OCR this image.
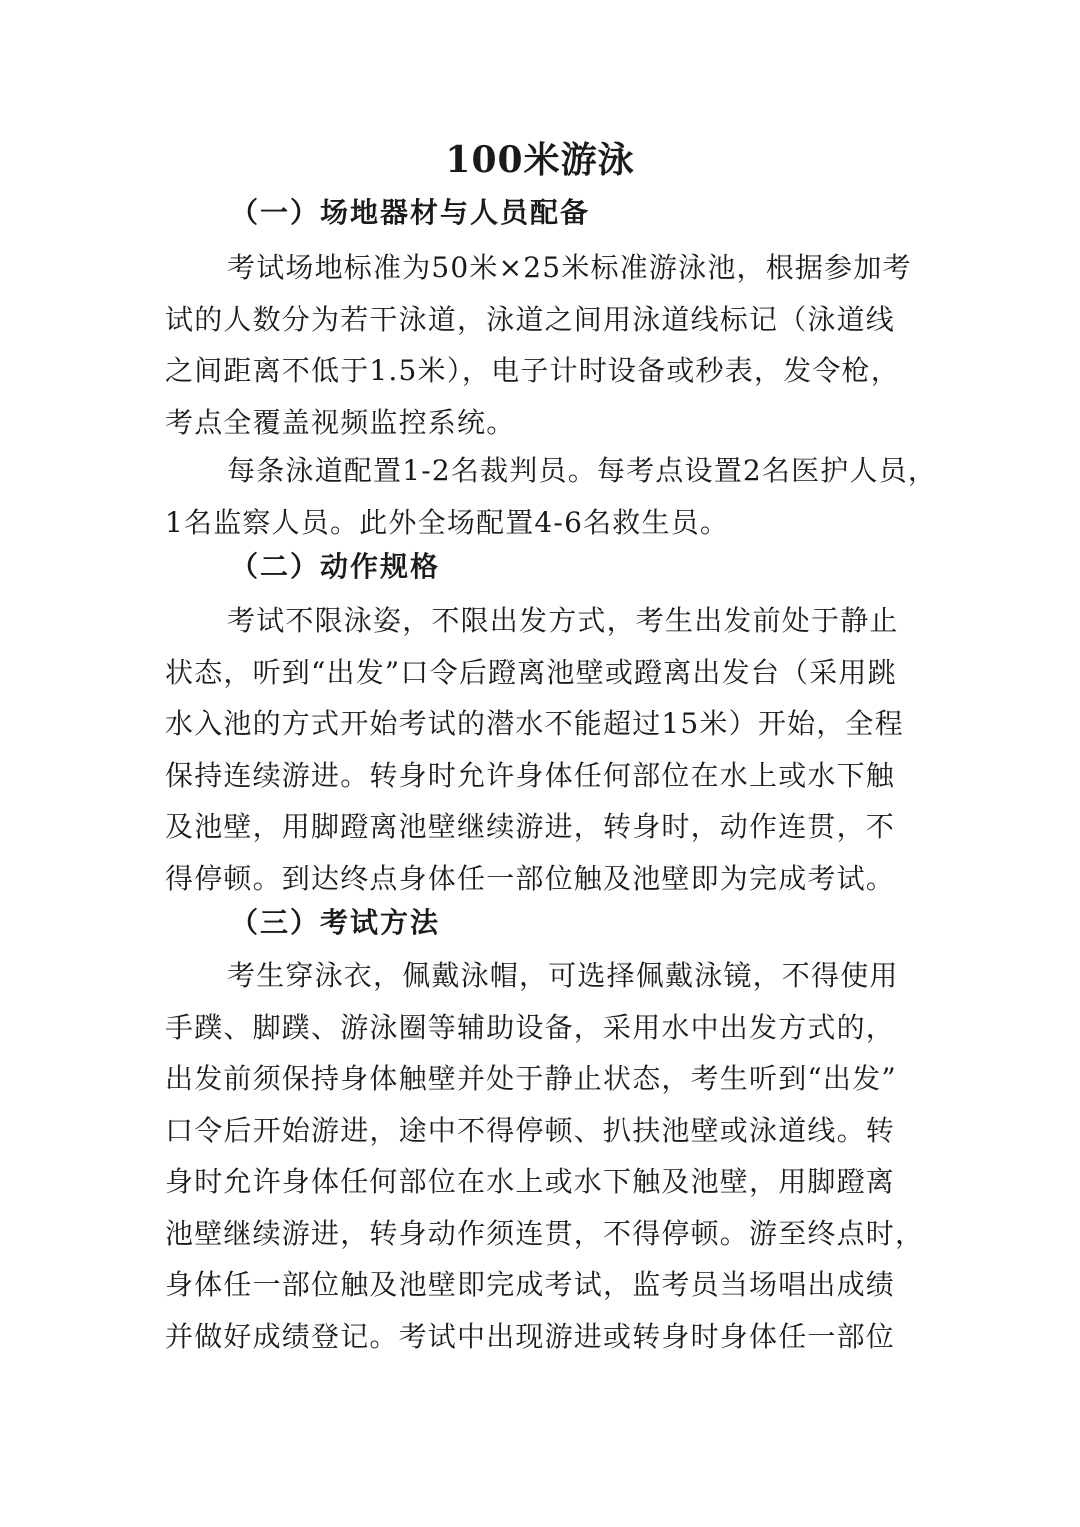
100米游泳
（一）场地器材与人员配备
考试场地标准为50米×25米标准游泳池，根据参加考
试的人数分为若干泳道，泳道之间用泳道线标记（泳道线
之间距离不低于1.5米），电子计时设备或秒表，发令枪，
考点全覆盖视频监控系统。
每条泳道配置1-2名裁判员。每考点设置2名医护人员，
1名监察人员。此外全场配置4-6名救生员。
（二）动作规格
考试不限泳姿，不限出发方式，考生出发前处于静止
状态，听到“出发”口令后蹬离池壁或蹬离出发台（采用跳
水入池的方式开始考试的潜水不能超过15米）开始，全程
保持连续游进。转身时允许身体任何部位在水上或水下触
及池壁，用脚蹬离池壁继续游进，转身时，动作连贯，不
得停顿。到达终点身体任一部位触及池壁即为完成考试。
（三）考试方法
考生穿泳衣，佩戴泳帽，可选择佩戴泳镜，不得使用
手蹼、脚蹼、游泳圈等辅助设备，采用水中出发方式的，
出发前须保持身体触壁并处于静止状态，考生听到“出发”
口令后开始游进，途中不得停顿、扒扶池壁或泳道线。转
身时允许身体任何部位在水上或水下触及池壁，用脚蹬离
池壁继续游进，转身动作须连贯，不得停顿。游至终点时，
身体任一部位触及池壁即完成考试，监考员当场唱出成绩
并做好成绩登记。考试中出现游进或转身时身体任一部位
